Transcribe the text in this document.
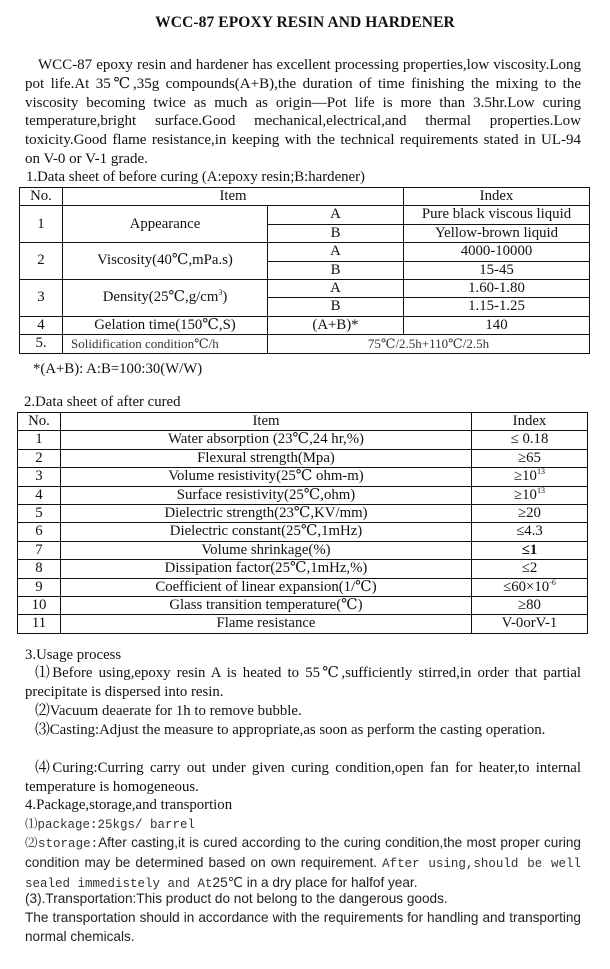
WCC-87 EPOXY RESIN AND HARDENER
WCC-87 epoxy resin and hardener has excellent processing properties,low viscosity.Long pot life.At 35℃,35g compounds(A+B),the duration of time finishing the mixing to the viscosity becoming twice as much as origin—Pot life is more than 3.5hr.Low curing temperature,bright surface.Good mechanical,electrical,and thermal properties.Low toxicity.Good flame resistance,in keeping with the technical requirements stated in UL-94 on V-0 or V-1 grade.
1.Data sheet of before curing (A:epoxy resin;B:hardener)
No.	Item		Index
1	Appearance	A	Pure black viscous liquid
		B	Yellow-brown liquid
2	Viscosity(40℃,mPa.s)	A	4000-10000
		B	15-45
3	$Density(25℃,g/cm^3)$	A	1.60-1.80
		B	1.15-1.25
4	Gelation time(150℃,S)	(A+B)*	140
5.	Solidification condition℃/h	75℃/2.5h+110℃/2.5h	
*(A+B): A:B=100:30(W/W)
2.Data sheet of after cured
No.	Item	Index
1	Water absorption (23℃,24 hr,%)	≤ 0.18
2	Flexural strength(Mpa)	≥65
3	Volume resistivity(25℃ ohm-m)	$\ge 10^{13}$
4	Surface resistivity(25℃,ohm)	$\ge 10^{13}$
5	Dielectric strength(23℃,KV/mm)	≥20
6	Dielectric constant(25℃,1mHz)	≤4.3
7	Volume shrinkage(%)	≤1
8	Dissipation factor(25℃,1mHz,%)	≤2
9	Coefficient of linear expansion(1/℃)	$\le 60\times 10^{-6}$
10	Glass transition temperature(℃)	≥80
11	Flame resistance	V-0orV-1
3.Usage process
⑴Before using,epoxy resin A is heated to 55℃,sufficiently stirred,in order that partial precipitate is dispersed into resin.
⑵Vacuum deaerate for 1h to remove bubble.
⑶Casting:Adjust the measure to appropriate,as soon as perform the casting operation.
⑷Curing:Curring carry out under given curing condition,open fan for heater,to internal temperature is homogeneous.
4.Package,storage,and transportion
⑴package:25kgs/ barrel
⑵storage:After casting,it is cured according to the curing condition,the most proper curing condition may be determined based on own requirement. After using,should be well sealed immedistely and At25℃ in a dry place for halfof year.
(3).Transportation:This product do not belong to the dangerous goods.
The transportation should in accordance with the requirements for handling and transporting normal chemicals.
